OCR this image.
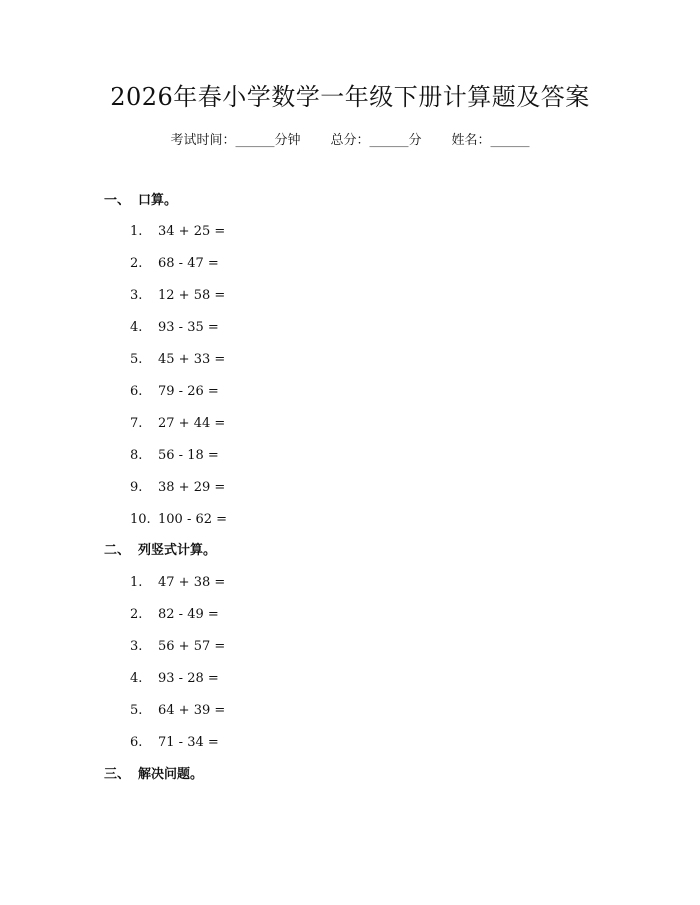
2026年春小学数学一年级下册计算题及答案
考试时间：______分钟 总分：______分 姓名：______
一、 口算。
1. 34 + 25 =
2. 68 - 47 =
3. 12 + 58 =
4. 93 - 35 =
5. 45 + 33 =
6. 79 - 26 =
7. 27 + 44 =
8. 56 - 18 =
9. 38 + 29 =
10. 100 - 62 =
二、 列竖式计算。
1. 47 + 38 =
2. 82 - 49 =
3. 56 + 57 =
4. 93 - 28 =
5. 64 + 39 =
6. 71 - 34 =
三、 解决问题。
